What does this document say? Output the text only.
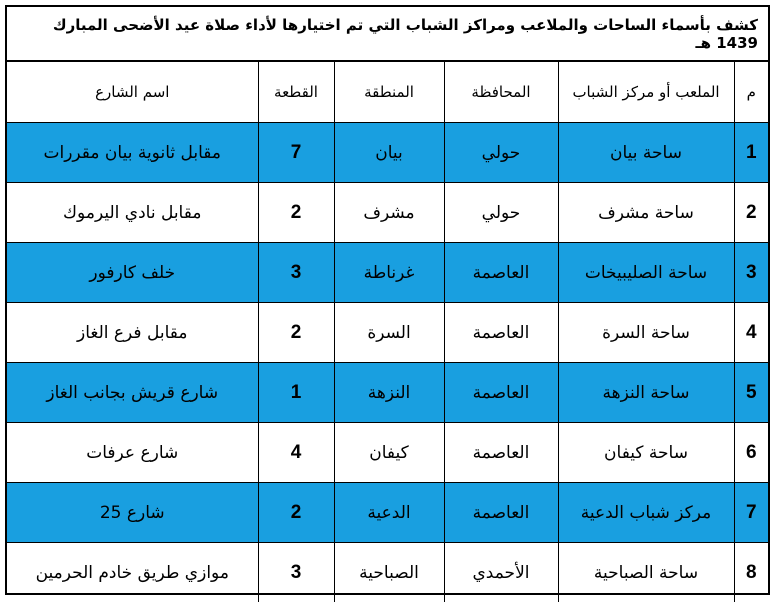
كشف بأسماء الساحات والملاعب ومراكز الشباب التي تم اختيارها لأداء صلاة عيد الأضحى المبارك 1439 هـ
م	الملعب أو مركز الشباب	المحافظة	المنطقة	القطعة	اسم الشارع
1	ساحة بيان	حولي	بيان	7	مقابل ثانوية بيان مقررات
2	ساحة مشرف	حولي	مشرف	2	مقابل نادي اليرموك
3	ساحة الصليبيخات	العاصمة	غرناطة	3	خلف كارفور
4	ساحة السرة	العاصمة	السرة	2	مقابل فرع الغاز
5	ساحة النزهة	العاصمة	النزهة	1	شارع قريش بجانب الغاز
6	ساحة كيفان	العاصمة	كيفان	4	شارع عرفات
7	مركز شباب الدعية	العاصمة	الدعية	2	شارع 25
8	ساحة الصباحية	الأحمدي	الصباحية	3	موازي طريق خادم الحرمين
